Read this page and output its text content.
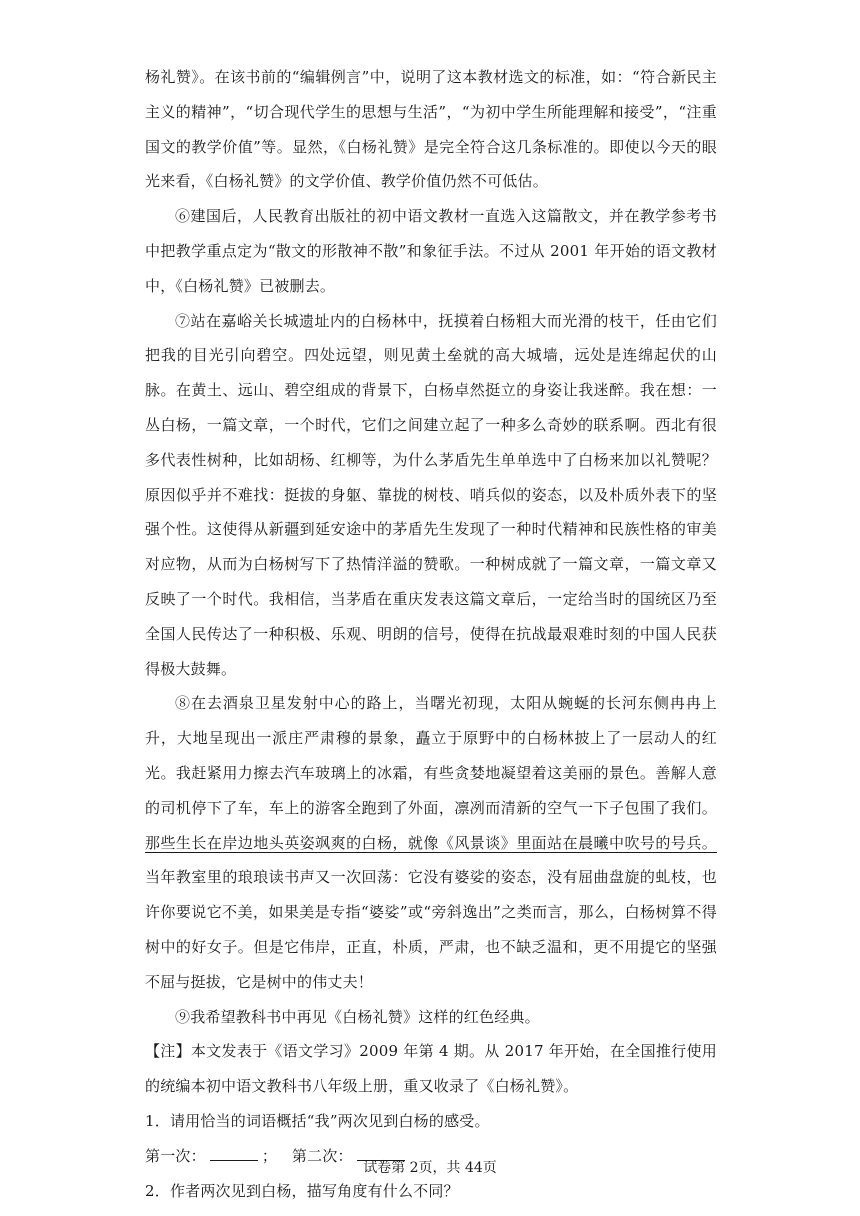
杨礼赞》。在该书前的“编辑例言”中，说明了这本教材选文的标准，如：“符合新民主主义的精神”，“切合现代学生的思想与生活”，“为初中学生所能理解和接受”，“注重国文的教学价值”等。显然，《白杨礼赞》是完全符合这几条标准的。即使以今天的眼光来看，《白杨礼赞》的文学价值、教学价值仍然不可低估。

⑥建国后，人民教育出版社的初中语文教材一直选入这篇散文，并在教学参考书中把教学重点定为“散文的形散神不散”和象征手法。不过从 2001 年开始的语文教材中，《白杨礼赞》已被删去。

⑦站在嘉峪关长城遗址内的白杨林中，抚摸着白杨粗大而光滑的枝干，任由它们把我的目光引向碧空。四处远望，则见黄土垒就的高大城墙，远处是连绵起伏的山脉。在黄土、远山、碧空组成的背景下，白杨卓然挺立的身姿让我迷醉。我在想：一丛白杨，一篇文章，一个时代，它们之间建立起了一种多么奇妙的联系啊。西北有很多代表性树种，比如胡杨、红柳等，为什么茅盾先生单单选中了白杨来加以礼赞呢？原因似乎并不难找：挺拔的身躯、靠拢的树枝、哨兵似的姿态，以及朴质外表下的坚强个性。这使得从新疆到延安途中的茅盾先生发现了一种时代精神和民族性格的审美对应物，从而为白杨树写下了热情洋溢的赞歌。一种树成就了一篇文章，一篇文章又反映了一个时代。我相信，当茅盾在重庆发表这篇文章后，一定给当时的国统区乃至全国人民传达了一种积极、乐观、明朗的信号，使得在抗战最艰难时刻的中国人民获得极大鼓舞。

⑧在去酒泉卫星发射中心的路上，当曙光初现，太阳从蜿蜒的长河东侧冉冉上升，大地呈现出一派庄严肃穆的景象，矗立于原野中的白杨林披上了一层动人的红光。我赶紧用力擦去汽车玻璃上的冰霜，有些贪婪地凝望着这美丽的景色。善解人意的司机停下了车，车上的游客全跑到了外面，凛冽而清新的空气一下子包围了我们。那些生长在岸边地头英姿飒爽的白杨，就像《风景谈》里面站在晨曦中吹号的号兵。当年教室里的琅琅读书声又一次回荡：它没有婆娑的姿态，没有屈曲盘旋的虬枝，也许你要说它不美，如果美是专指“婆娑”或“旁斜逸出”之类而言，那么，白杨树算不得树中的好女子。但是它伟岸，正直，朴质，严肃，也不缺乏温和，更不用提它的坚强不屈与挺拔，它是树中的伟丈夫！

⑨我希望教科书中再见《白杨礼赞》这样的红色经典。

【注】本文发表于《语文学习》2009 年第 4 期。从 2017 年开始，在全国推行使用的统编本初中语文教科书八年级上册，重又收录了《白杨礼赞》。

1．请用恰当的词语概括“我”两次见到白杨的感受。

第一次：	； 第二次：

2．作者两次见到白杨，描写角度有什么不同？

试卷第 2页，共 44页
